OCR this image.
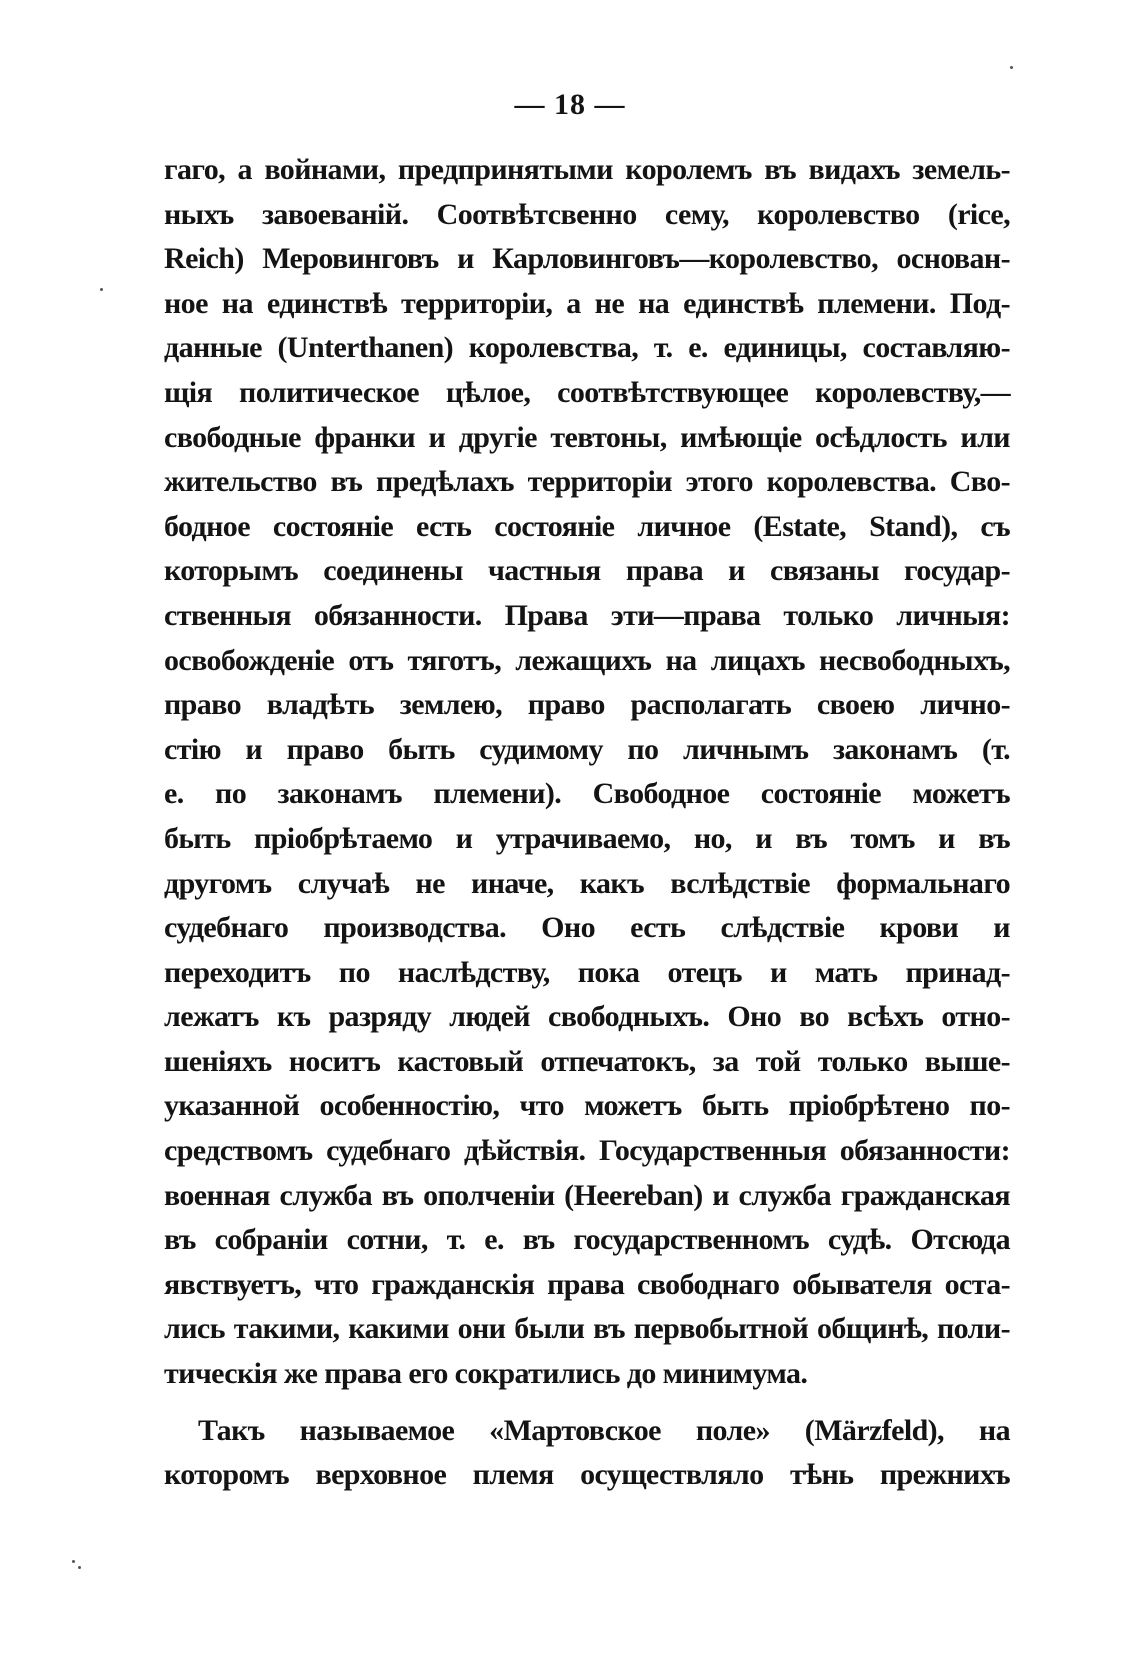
— 18 —
гаго, а войнами, предпринятыми королемъ въ видахъ земель-
ныхъ завоеваній. Соотвѣтсвенно сему, королевство (rice,
Reich) Меровинговъ и Карловинговъ—королевство, основан-
ное на единствѣ территоріи, а не на единствѣ племени. Под-
данные (Unterthanen) королевства, т. е. единицы, составляю-
щія политическое цѣлое, соотвѣтствующее королевству,—
свободные франки и другіе тевтоны, имѣющіе осѣдлость или
жительство въ предѣлахъ территоріи этого королевства. Сво-
бодное состояніе есть состояніе личное (Estate, Stand), съ
которымъ соединены частныя права и связаны государ-
ственныя обязанности. Права эти—права только личныя:
освобожденіе отъ тяготъ, лежащихъ на лицахъ несвободныхъ,
право владѣть землею, право располагать своею лично-
стію и право быть судимому по личнымъ законамъ (т.
е. по законамъ племени). Свободное состояніе можетъ
быть пріобрѣтаемо и утрачиваемо, но, и въ томъ и въ
другомъ случаѣ не иначе, какъ вслѣдствіе формальнаго
судебнаго производства. Оно есть слѣдствіе крови и
переходитъ по наслѣдству, пока отецъ и мать принад-
лежатъ къ разряду людей свободныхъ. Оно во всѣхъ отно-
шеніяхъ носитъ кастовый отпечатокъ, за той только выше-
указанной особенностію, что можетъ быть пріобрѣтено по-
средствомъ судебнаго дѣйствія. Государственныя обязанности:
военная служба въ ополченіи (Heereban) и служба гражданская
въ собраніи сотни, т. е. въ государственномъ судѣ. Отсюда
явствуетъ, что гражданскія права свободнаго обывателя оста-
лись такими, какими они были въ первобытной общинѣ, поли-
тическія же права его сократились до минимума.
Такъ называемое «Мартовское поле» (Märzfeld), на
которомъ верховное племя осуществляло тѣнь прежнихъ
